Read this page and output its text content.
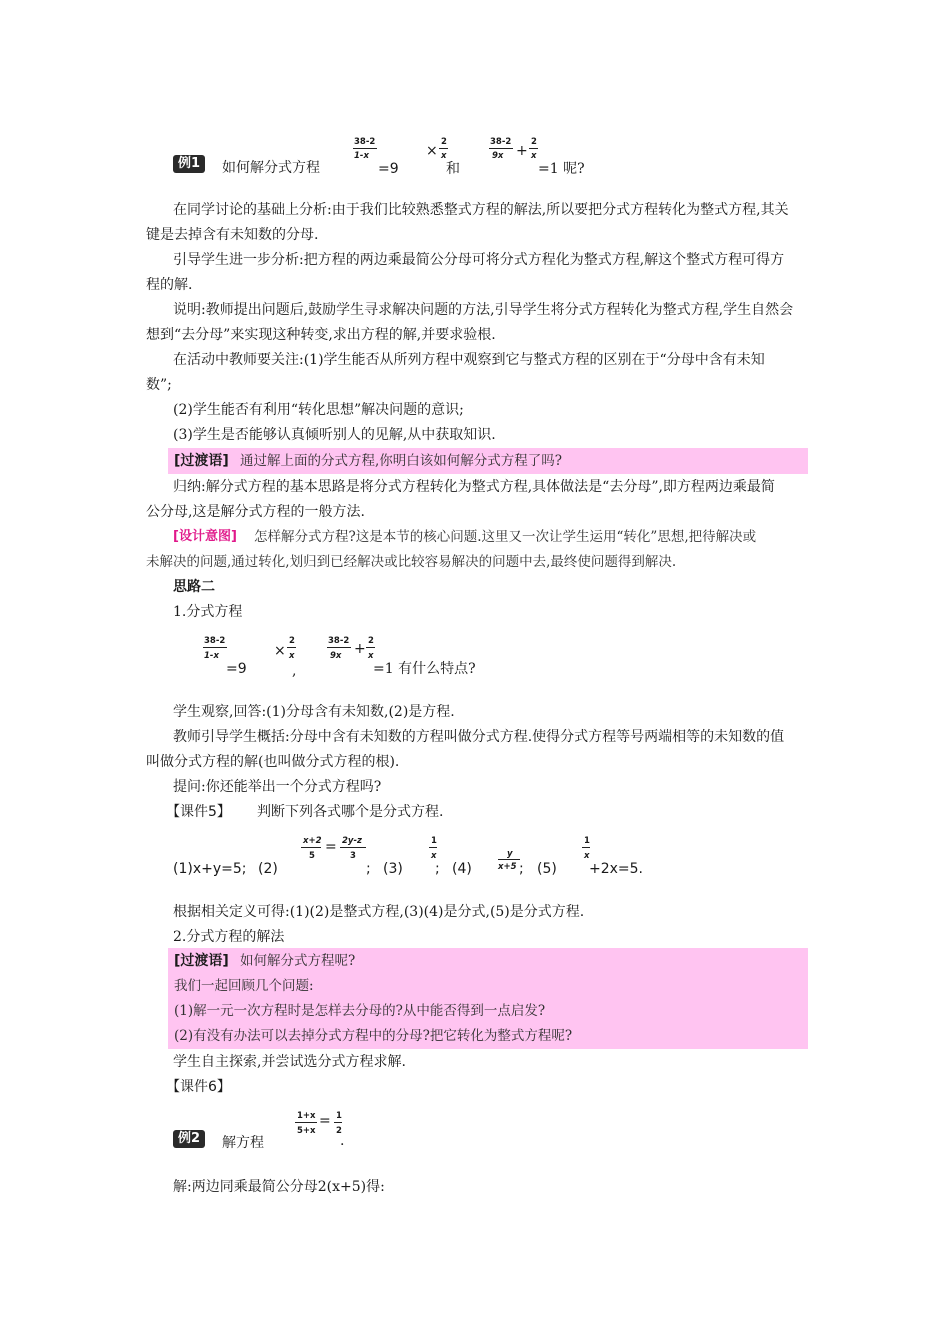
例1	如何解分式方程
38-2
1-x
=9
×
2
x
和
38-2
9x +
2
x
=1 呢?
在同学讨论的基础上分析:由于我们比较熟悉整式方程的解法,所以要把分式方程转化为整式方程,其关
键是去掉含有未知数的分母.
引导学生进一步分析:把方程的两边乘最简公分母可将分式方程化为整式方程,解这个整式方程可得方
程的解.
说明:教师提出问题后,鼓励学生寻求解决问题的方法,引导学生将分式方程转化为整式方程,学生自然会
想到“去分母”来实现这种转变,求出方程的解,并要求验根.
在活动中教师要关注:(1)学生能否从所列方程中观察到它与整式方程的区别在于“分母中含有未知
数”;
(2)学生能否有利用“转化思想”解决问题的意识;
(3)学生是否能够认真倾听别人的见解,从中获取知识.
[过渡语] 通过解上面的分式方程,你明白该如何解分式方程了吗?
归纳:解分式方程的基本思路是将分式方程转化为整式方程,具体做法是“去分母”,即方程两边乘最简
公分母,这是解分式方程的一般方法.
[设计意图] 怎样解分式方程?这是本节的核心问题.这里又一次让学生运用“转化”思想,把待解决或
未解决的问题,通过转化,划归到已经解决或比较容易解决的问题中去,最终使问题得到解决.
思路二
1.分式方程
38-2
1-x
=9
×
2
x
,
38-2
9x + 2
x
=1 有什么特点?
学生观察,回答:(1)分母含有未知数,(2)是方程.
教师引导学生概括:分母中含有未知数的方程叫做分式方程.使得分式方程等号两端相等的未知数的值
叫做分式方程的解(也叫做分式方程的根).
提问:你还能举出一个分式方程吗?
【课件5】 判断下列各式哪个是分式方程.
(1)x+y=5; (2)
x+2
5
= 2y-z
3
; (3)
1
x
; (4)
y
x+5 ; (5)
1
x
+2x=5.
根据相关定义可得:(1)(2)是整式方程,(3)(4)是分式,(5)是分式方程.
2.分式方程的解法
[过渡语] 如何解分式方程呢?
我们一起回顾几个问题:
(1)解一元一次方程时是怎样去分母的?从中能否得到一点启发?
(2)有没有办法可以去掉分式方程中的分母?把它转化为整式方程呢?
学生自主探索,并尝试选分式方程求解.
【课件6】
例2	解方程
1+x
5+x
= 1
2
.
解:两边同乘最简公分母2(x+5)得:
